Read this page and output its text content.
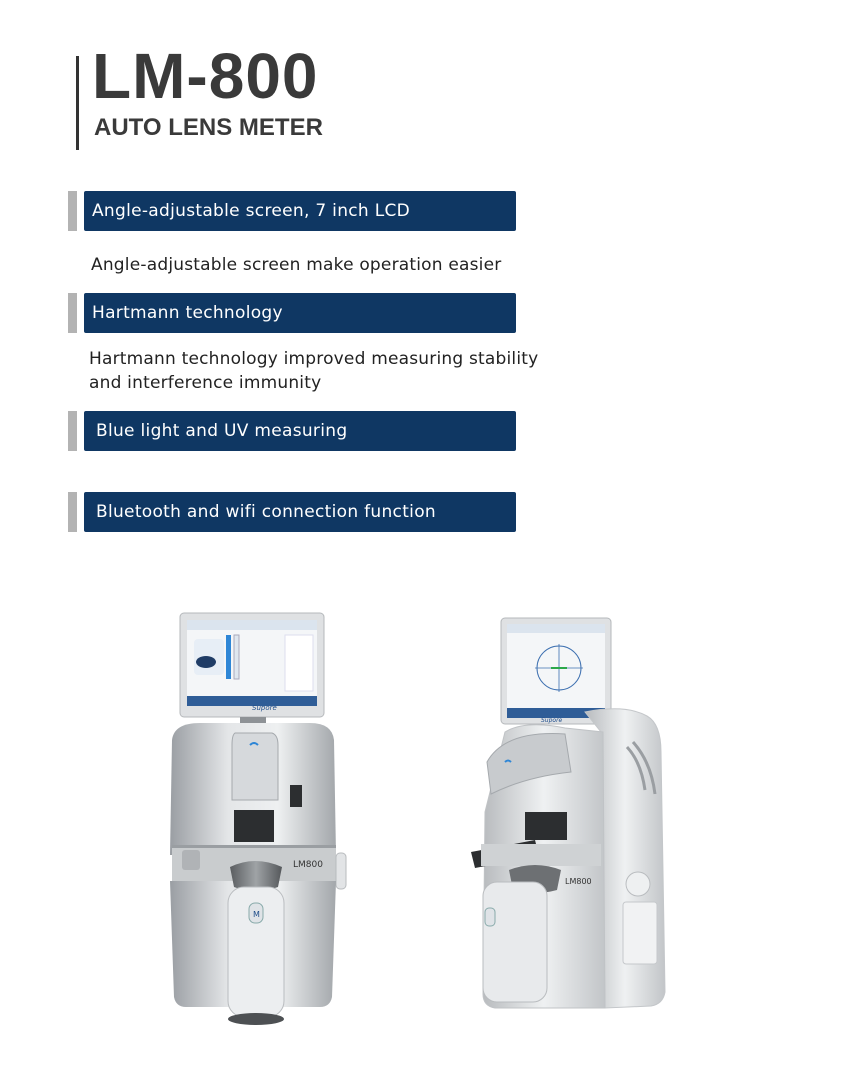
LM-800
AUTO LENS METER
Angle-adjustable screen, 7 inch LCD
Angle-adjustable screen make operation easier
Hartmann technology
Hartmann technology improved measuring stability
and interference immunity
Blue light and UV measuring
Bluetooth and wifi connection function
Supore
LM800
M
Supore
LM800
